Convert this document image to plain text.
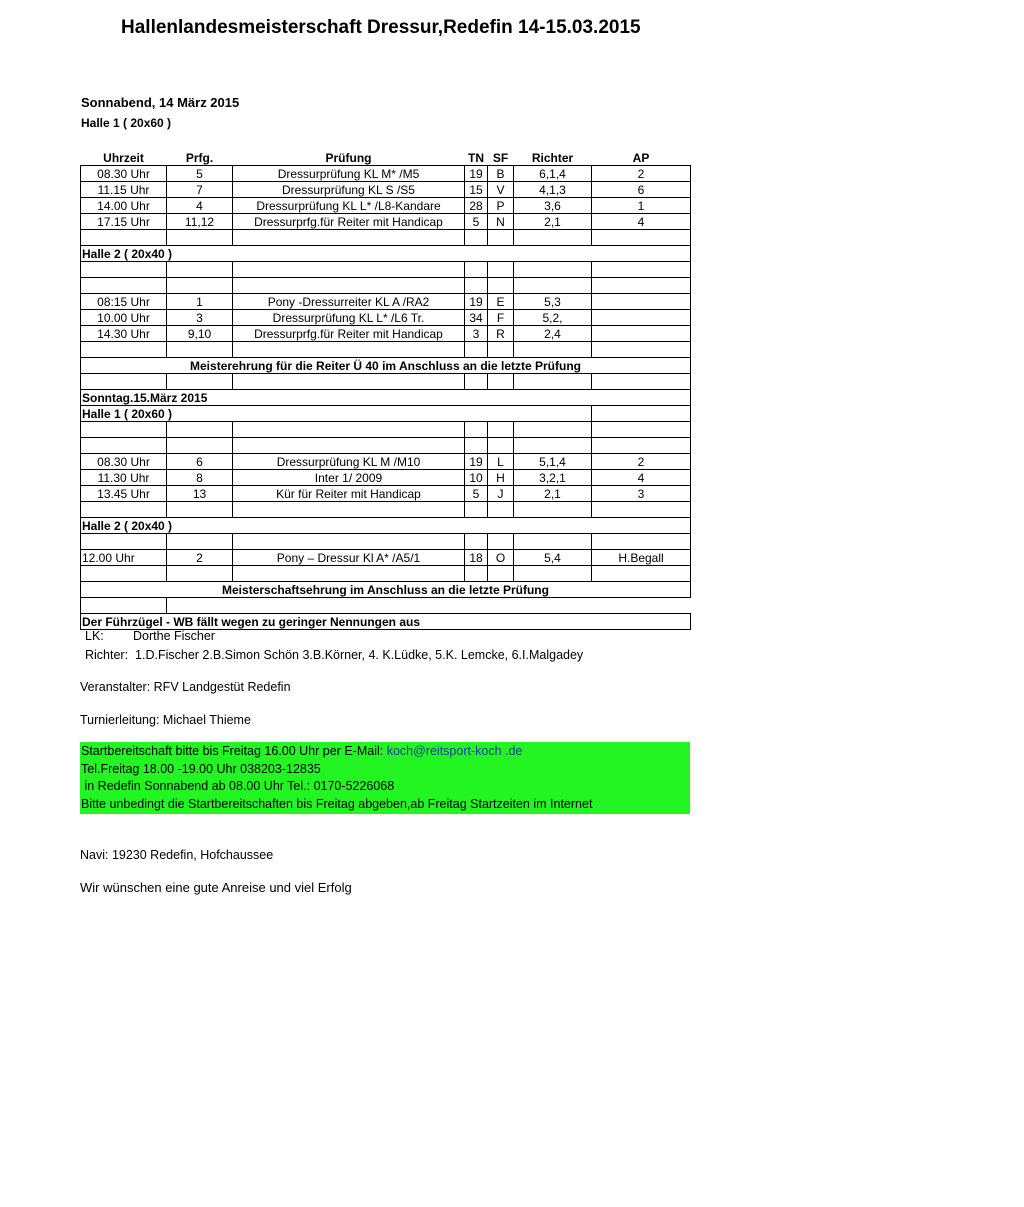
Hallenlandesmeisterschaft Dressur,Redefin 14-15.03.2015
Sonnabend, 14 März 2015
Halle 1 ( 20x60 )
Uhrzeit	Prfg.	Prüfung	TN	SF	Richter	AP
08.30 Uhr	5	Dressurprüfung KL M* /M5	19	B	6,1,4	2
11.15 Uhr	7	Dressurprüfung KL S /S5	15	V	4,1,3	6
14.00 Uhr	4	Dressurprüfung KL L* /L8-Kandare	28	P	3,6	1
17.15 Uhr	11,12	Dressurprfg.für Reiter mit Handicap	5	N	2,1	4

Halle 2 ( 20x40 )						

08:15 Uhr	1	Pony -Dressurreiter KL A /RA2	19	E	5,3	
10.00 Uhr	3	Dressurprüfung KL L* /L6 Tr.	34	F	5,2,	
14.30 Uhr	9,10	Dressurprfg.für Reiter mit Handicap	3	R	2,4	

Meisterehrung für die Reiter Ü 40 im Anschluss an die letzte Prüfung						

Sonntag.15.März 2015						
Halle 1 ( 20x60 )						

08.30 Uhr	6	Dressurprüfung KL M /M10	19	L	5,1,4	2
11.30 Uhr	8	Inter 1/ 2009	10	H	3,2,1	4
13.45 Uhr	13	Kür für Reiter mit Handicap	5	J	2,1	3

Halle 2 ( 20x40 )						

12.00 Uhr	2	Pony – Dressur Kl A* /A5/1	18	O	5,4	H.Begall

Meisterschaftsehrung im Anschluss an die letzte Prüfung						

Der Führzügel - WB fällt wegen zu geringer Nennungen aus						
LK: Dorthe Fischer
Richter: 1.D.Fischer 2.B.Simon Schön 3.B.Körner, 4. K.Lüdke, 5.K. Lemcke, 6.I.Malgadey
Veranstalter: RFV Landgestüt Redefin
Turnierleitung: Michael Thieme
Startbereitschaft bitte bis Freitag 16.00 Uhr per E-Mail: koch@reitsport-koch .de
Tel.Freitag 18.00 -19.00 Uhr 038203-12835
in Redefin Sonnabend ab 08.00 Uhr Tel.: 0170-5226068
Bitte unbedingt die Startbereitschaften bis Freitag abgeben,ab Freitag Startzeiten im Internet
Navi: 19230 Redefin, Hofchaussee
Wir wünschen eine gute Anreise und viel Erfolg
